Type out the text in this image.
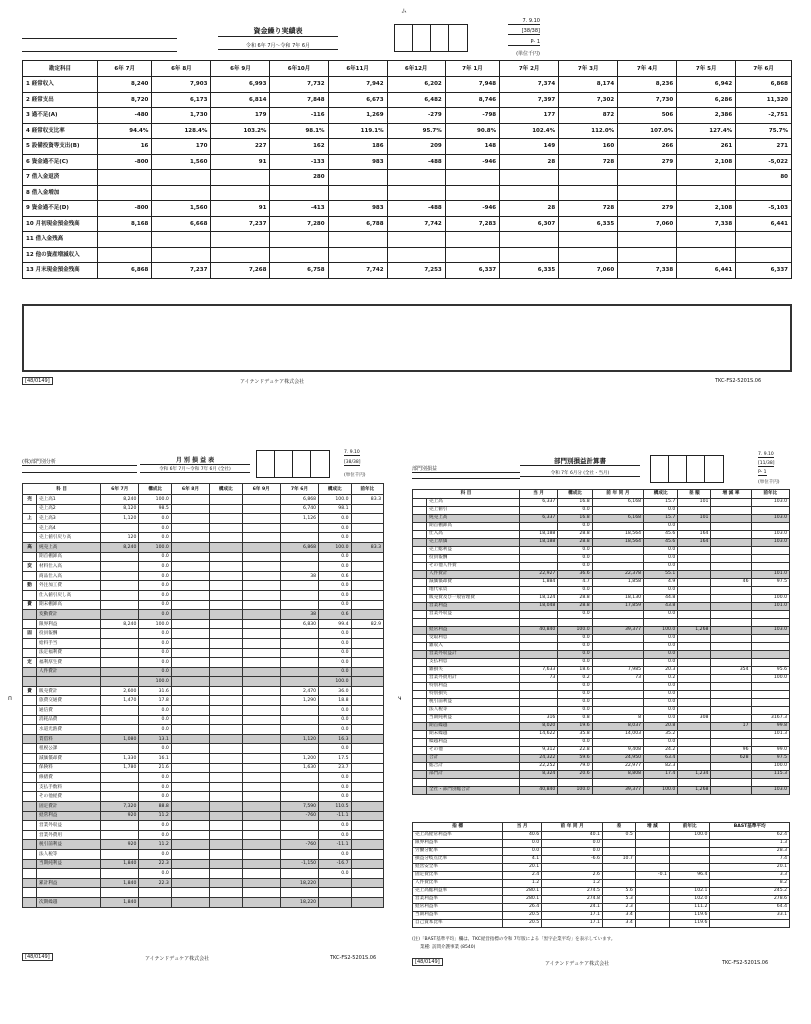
ム
資金繰り実績表
令和 6年 7月～令和 7年 6月
7. 9.10
[38/38]
P- 1
(単位千円)
勘定科目	6年 7月	6年 8月	6年 9月	6年10月	6年11月	6年12月	7年 1月	7年 2月	7年 3月	7年 4月	7年 5月	7年 6月
1 経常収入	8,240	7,903	6,993	7,732	7,942	6,202	7,948	7,374	8,174	8,236	6,942	6,868
2 経常支出	8,720	6,173	6,814	7,848	6,673	6,482	8,746	7,397	7,302	7,730	6,286	11,320
3 過不足(A)	-480	1,730	179	-116	1,269	-279	-798	177	872	506	2,386	-2,751
4 経常収支比率	94.4%	128.4%	103.2%	98.1%	119.1%	95.7%	90.8%	102.4%	112.0%	107.0%	127.4%	75.7%
5 設備投資等支出(B)	16	170	227	162	186	209	148	149	160	266	261	271
6 資金過不足(C)	-800	1,560	91	-133	983	-488	-946	28	728	279	2,108	-5,022
7 借入金返済				280								80
8 借入金増加												
9 資金過不足(D)	-800	1,560	91	-413	983	-488	-946	28	728	279	2,108	-5,103
10 月初現金預金残高	8,168	6,668	7,237	7,280	6,788	7,742	7,283	6,307	6,335	7,060	7,338	6,441
11 借入金残高												
12 他の資産増減収入												
13 月末現金預金残高	6,868	7,237	7,268	6,758	7,742	7,253	6,337	6,335	7,060	7,338	6,441	6,337
[48/0149]	アイテンドデュケア株式会社	TKC-FS2-5201S.06
п
(株)部門別分析	月 別 損 益 表
令和 6年 7月～令和 7年 6月 (全社)
7. 9.10
[38/38]
(単位千円)
科 目		6年 7月	構成比	6年 8月	構成比	6年 9月	7年 6月	構成比	前年比
売	売上高1	8,240	100.0				6,868	100.0	83.3
	売上高2	8,120	98.5				6,740	98.1	
上	売上高3	1,120	0.0				1,126	0.0	
	売上高4		0.0					0.0	
	売上値引戻り高	120	0.0					0.0	
高	純売上高	8,240	100.0				6,868	100.0	83.3
	期首棚卸高		0.0					0.0	
変	材料仕入高		0.0					0.0	
	商品仕入高		0.0				38	0.6	
動	外注加工費		0.0					0.0	
	仕入値引戻し高		0.0					0.0	
費	期末棚卸高		0.0					0.0	
	変動費計		0.0				38	0.6	
	限界利益	8,240	100.0				6,830	99.4	82.9
固	役員報酬		0.0					0.0	
	給料手当		0.0					0.0	
	法定福利費		0.0					0.0	
定	福利厚生費		0.0					0.0	
	人件費計		0.0					0.0	
			100.0					100.0	
費	販売費計	2,600	31.6				2,470	36.0	
	旅費交通費	1,470	17.8				1,290	18.8	
	通信費		0.0					0.0	
	消耗品費		0.0					0.0	
	水道光熱費		0.0					0.0	
	賃借料	1,080	13.1				1,120	16.3	
	租税公課		0.0					0.0	
	減価償却費	1,330	16.1				1,200	17.5	
	保険料	1,780	21.6				1,630	23.7	
	修繕費		0.0					0.0	
	支払手数料		0.0					0.0	
	その他経費		0.0					0.0	
	固定費計	7,320	88.8				7,590	110.5	
	経常利益	920	11.2				-760	-11.1	
	営業外収益		0.0					0.0	
	営業外費用		0.0					0.0	
	税引前利益	920	11.2				-760	-11.1	
	法人税等		0.0					0.0	
	当期純利益	1,840	22.3				-1,150	-16.7	
			0.0					0.0	
	累計利益	1,840	22.3				18,220		

	次期繰越	1,840					18,220		
[48/0149]	アイテンドデュケア株式会社	TKC-FS2-5201S.06
ч
部門別損益
部門別損益計算書
令和 7年 6月分 (全社・当月)
7. 9.10
[11/38]
P- 1
(単位千円)
科 目		当 月	構成比	前 年 同 月	構成比	差 額	増 減 率	前年比
	売上高	6,337	16.8	6,168	15.7	101		103.0
	売上値引		0.0		0.0			
	純売上高	6,337	16.8	6,168	15.7	101		103.0
	期首棚卸高		0.0		0.0			
	仕入高	18,188	28.8	18,564	45.6	164		103.0
	売上原価	18,188	28.8	18,564	45.6	164		103.0
	売上総利益		0.0		0.0			
	役員報酬		0.0		0.0			
	その他人件費		0.0		0.0			
	人件費計	22,927	36.6	22,378	55.1			101.0
	減価償却費	1,884	4.7	1,858	4.9		46	97.5
	地代家賃		0.0		0.0			
	販売費及び一般管理費	18,124	28.8	18,130	44.8			100.0
	営業利益	18,048	28.8	17,859	43.8			101.0
	営業外収益		0.0		0.0			

	経常利益	40,840	100.0	39,377	100.0	1,268		103.0
	受取利息		0.0		0.0			
	雑収入		0.0		0.0			
	営業外収益計		0.0		0.0			
	支払利息		0.0		0.0			
	雑損失	7,633	18.6	7,985	20.3		354	95.6
	営業外費用計	73	0.2	73	0.2			100.0
	特別利益		0.0		0.0			
	特別損失		0.0		0.0			
	税引前利益		0.0		0.0			
	法人税等		0.0		0.0			
	当期純利益	316	0.8	8	0.0	308		3167.3
	期首繰越	8,020	19.6	8,037	20.8		17	99.8
	期末繰越	14,622	35.8	14,003	35.2			101.3
	繰越利益		0.0		0.0			
	その他	9,312	22.8	9,408	24.2		96	99.0
	合計	24,322	59.6	24,950	63.4		628	97.5
	総合計	22,252	79.0	22,977	82.3			100.0
	部門計	8,324	20.6	8,808	17.4	1,234		115.3

	全社・部門別総合計	40,840	100.0	39,377	100.0	1,268		103.0
指 標	当 月	前 年 同 月	差	増 減	前年比	BAST基準平均
売上高経常利益率	40.6	40.1	0.5		100.0	62.4
限界利益率	0.0	0.0				1.3
労働分配率	0.0	0.0				28.3
損益分岐点比率	4.1	-6.6	10.7			7.4
経営安全率	20.1					20.1
固定費比率	2.4	2.6		-0.1	96.4	3.3
人件費比率	1.2	1.2				8.2
売上高総利益率	280.1	274.5	5.6		102.1	245.2
営業利益率	280.1	274.8	5.3		102.0	278.6
経常利益率	26.4	24.1	2.3		111.2	64.4
当期利益率	20.5	17.1	3.4		119.6	33.1
自己資本比率	20.5	17.1	3.4		119.6	
(注)「BAST基準平均」欄は、TKC経営指標の令和 7年版による「黒字企業平均」を表示しています。
業種: 訪問介護事業 (8540)
[48/0149]	アイテンドデュケア株式会社	TKC-FS2-5201S.06
